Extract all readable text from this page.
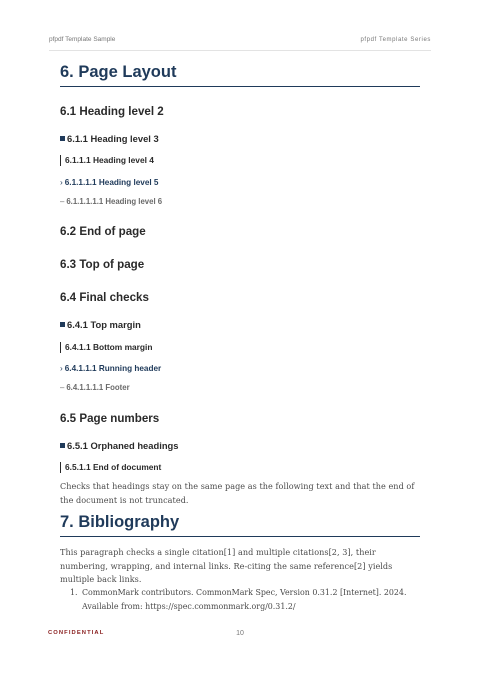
pfpdf Template Sample	pfpdf Template Series
6. Page Layout
6.1 Heading level 2
6.1.1 Heading level 3
6.1.1.1 Heading level 4
› 6.1.1.1.1 Heading level 5
– 6.1.1.1.1.1 Heading level 6
6.2 End of page
6.3 Top of page
6.4 Final checks
6.4.1 Top margin
6.4.1.1 Bottom margin
› 6.4.1.1.1 Running header
– 6.4.1.1.1.1 Footer
6.5 Page numbers
6.5.1 Orphaned headings
6.5.1.1 End of document
Checks that headings stay on the same page as the following text and that the end of the document is not truncated.
7. Bibliography
This paragraph checks a single citation[1] and multiple citations[2, 3], their numbering, wrapping, and internal links. Re-citing the same reference[2] yields multiple back links.
1. CommonMark contributors. CommonMark Spec, Version 0.31.2 [Internet]. 2024. Available from: https://spec.commonmark.org/0.31.2/
CONFIDENTIAL	10
